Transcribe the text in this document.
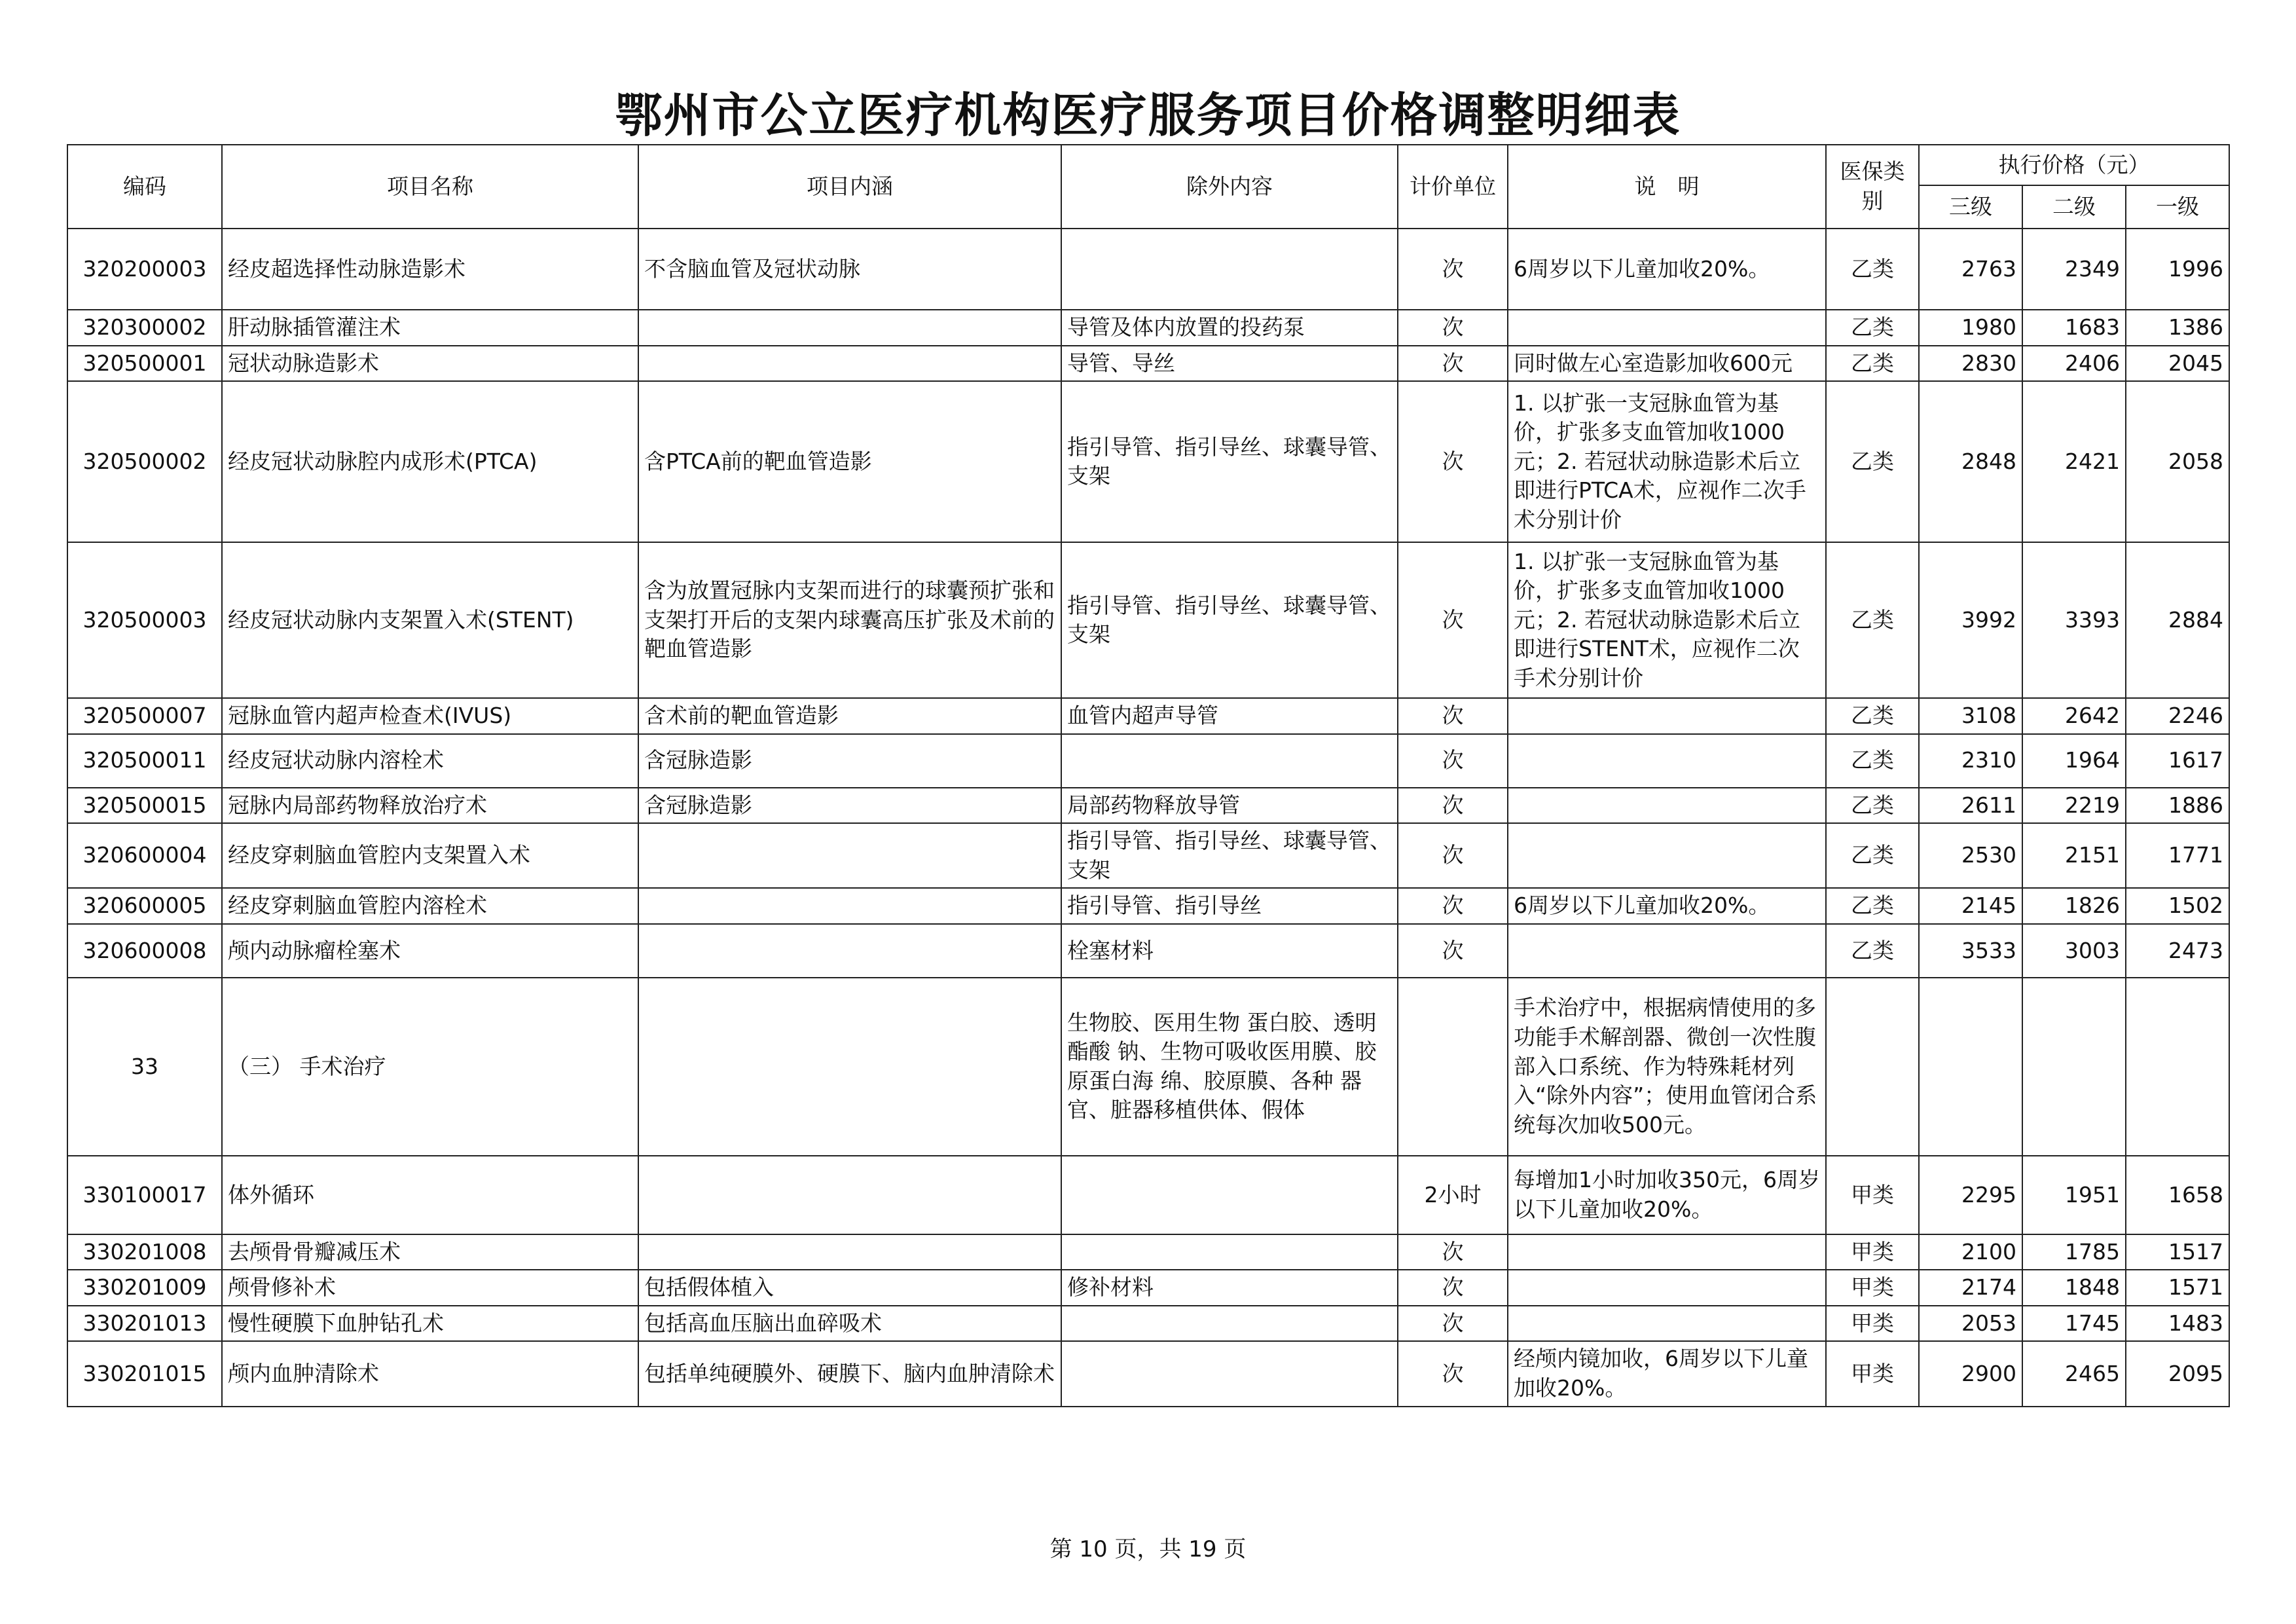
鄂州市公立医疗机构医疗服务项目价格调整明细表
编码	项目名称	项目内涵	除外内容	计价单位	说　明	医保类别	执行价格（元）		
							三级	二级	一级
320200003	经皮超选择性动脉造影术	不含脑血管及冠状动脉		次	6周岁以下儿童加收20%。	乙类	2763	2349	1996
320300002	肝动脉插管灌注术		导管及体内放置的投药泵	次		乙类	1980	1683	1386
320500001	冠状动脉造影术		导管、导丝	次	同时做左心室造影加收600元	乙类	2830	2406	2045
320500002	经皮冠状动脉腔内成形术(PTCA)	含PTCA前的靶血管造影	指引导管、指引导丝、球囊导管、支架	次	1. 以扩张一支冠脉血管为基价，扩张多支血管加收1000元；2. 若冠状动脉造影术后立即进行PTCA术，应视作二次手术分别计价	乙类	2848	2421	2058
320500003	经皮冠状动脉内支架置入术(STENT)	含为放置冠脉内支架而进行的球囊预扩张和支架打开后的支架内球囊高压扩张及术前的靶血管造影	指引导管、指引导丝、球囊导管、支架	次	1. 以扩张一支冠脉血管为基价，扩张多支血管加收1000元；2. 若冠状动脉造影术后立即进行STENT术，应视作二次手术分别计价	乙类	3992	3393	2884
320500007	冠脉血管内超声检查术(IVUS)	含术前的靶血管造影	血管内超声导管	次		乙类	3108	2642	2246
320500011	经皮冠状动脉内溶栓术	含冠脉造影		次		乙类	2310	1964	1617
320500015	冠脉内局部药物释放治疗术	含冠脉造影	局部药物释放导管	次		乙类	2611	2219	1886
320600004	经皮穿刺脑血管腔内支架置入术		指引导管、指引导丝、球囊导管、支架	次		乙类	2530	2151	1771
320600005	经皮穿刺脑血管腔内溶栓术		指引导管、指引导丝	次	6周岁以下儿童加收20%。	乙类	2145	1826	1502
320600008	颅内动脉瘤栓塞术		栓塞材料	次		乙类	3533	3003	2473
33	（三） 手术治疗		生物胶、医用生物 蛋白胶、透明酯酸 钠、生物可吸收医用膜、胶原蛋白海 绵、胶原膜、各种 器官、脏器移植供体、假体		手术治疗中，根据病情使用的多功能手术解剖器、微创一次性腹部入口系统、作为特殊耗材列入“除外内容”；使用血管闭合系统每次加收500元。				
330100017	体外循环			2小时	每增加1小时加收350元，6周岁以下儿童加收20%。	甲类	2295	1951	1658
330201008	去颅骨骨瓣减压术			次		甲类	2100	1785	1517
330201009	颅骨修补术	包括假体植入	修补材料	次		甲类	2174	1848	1571
330201013	慢性硬膜下血肿钻孔术	包括高血压脑出血碎吸术		次		甲类	2053	1745	1483
330201015	颅内血肿清除术	包括单纯硬膜外、硬膜下、脑内血肿清除术		次	经颅内镜加收，6周岁以下儿童加收20%。	甲类	2900	2465	2095
第 10 页，共 19 页
